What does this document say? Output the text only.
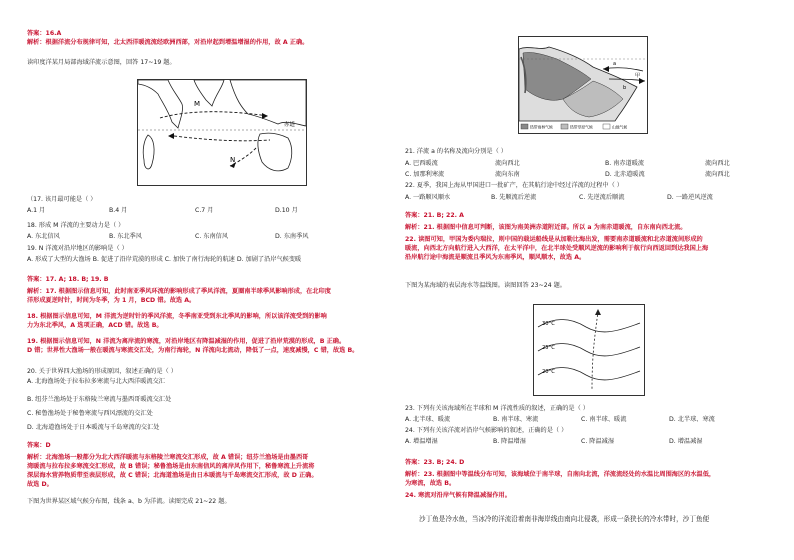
答案：16.A
解析：根据洋流分布规律可知，北太西洋暖流流经欧洲西部，对沿岸起到增温增湿的作用，故 A 正确。
读印度洋某月局部海域洋流示意图，回答 17~19 题。
M
N
赤道
（17. 该月最可能是（ ）
A.1 月	B.4 月	C.7 月	D.10 月
18. 形成 M 洋流的主要动力是（ ）
A. 东北信风	B. 东北季风	C. 东南信风	D. 东南季风
19. N 洋流对沿岸地区的影响是（ ）
A. 形成了大型的大渔场 B. 促进了沿岸荒漠的形成 C. 加快了南行海轮的航速 D. 加剧了沿岸气候变暖
答案：17. A; 18. B; 19. B
解析：17. 根据图示信息可知，此时南亚季风环流的影响形成了季风洋流，夏圈南半球季风影响形成，在北印度
洋形成夏逆时针，时间为冬季，为 1 月，BCD 错。故选 A。
18. 根据图示信息可知，M 洋流为逆时针的季风洋流，冬季南亚受到东北季风的影响，所以该洋流受到的影响
力为东北季风，A 选项正确，ACD 错。故选 B。
19. 根据图示信息可知，N 洋流为离岸流的寒流，对沿岸地区有降温减湿的作用，促进了沿岸荒漠的形成，B 正确。
D 错；世界性大渔场一般在暖流与寒流交汇处，为南行海轮，N 洋流向北流动，降低了一点，速度减慢，C 错，故选 B。
20. 关于世界四大渔场的形成原因，叙述正确的是（ ）
A. 北海渔场处于拉布拉多寒流与北大西洋暖流交汇
B. 纽芬兰渔场处于东格陵兰寒流与墨西哥暖流交汇处
C. 秘鲁渔场处于秘鲁寒流与西风漂流的交汇处
D. 北海道渔场处于日本暖流与千岛寒流的交汇处
答案：D
解析：北海渔场一般都分为北大西洋暖流与东格陵兰寒流交汇形成，故 A 错误；纽芬兰渔场是由墨西哥
湾暖流与拉布拉多寒流交汇形成，故 B 错误；秘鲁渔场是由东南信风的离岸风作用下，秘鲁寒流上升流将
深层海水营养物质带至表层形成，故 C 错误；北海道渔场是由日本暖流与千岛寒流交汇形成，故 D 正确。
故选 D。
下图为世界某区域气候分布图，线条 a、b 为洋流。读图完成 21~22 题。
a
b
甲
热带雨林气候	热带草原气候	山地气候
21. 洋流 a 的名称及流向分别是（ ）
A. 巴西暖流	流向西北	B. 南赤道暖流	流向西北
C. 加那利寒流	流向东南	D. 北赤道暖流	流向西北
22. 夏季，我国上海从甲国进口一批矿产，在其航行途中经过洋流的过程中（ ）
A. 一路顺风顺水	B. 先顺流后逆流	C. 先逆流后顺流	D. 一路逆风逆流
答案：21. B; 22. A
解析：21. 根据图中信息可判断，该图为南美洲赤道附近部。所以 a 为南赤道暖流，自东南向西北流。
22. 读图可知，甲国为委内瑞拉，则中国的载运船线是从加勒比海出发，需要南赤道暖流和北赤道流间形成的
暖流，向西北方向航行进入大西洋，在太平洋中，在北半球处受顺风逆流的影响利于航行向西返回到达我国上海
沿岸航行途中海流是顺流且季风为东南季风，顺风顺水，故选 A。
下图为某海域的表层海水等温线图。读图回答 23~24 题。
30°C
25°C
20°C
23. 下列有关该海域所在半球和 M 洋流性质的叙述，正确的是（ ）
A. 北半球、暖流	B. 南半球、寒流	C. 南半球、暖流	D. 北半球、寒流
24. 下列有关该洋流对沿岸气候影响的叙述，正确的是（ ）
A. 增温增湿	B. 降温增湿	C. 降温减湿	D. 增温减湿
答案：23. B; 24. D
解析：23. 根据图中等温线分布可知，该海域位于南半球，自南向北流，洋流流经处的水温比周围海区的水温低，
为寒流，故选 B。
24. 寒流对沿岸气候有降温减湿作用。
沙丁鱼是冷水鱼，当冰冷的洋流沿着南非海岸线由南向北侵袭，形成一条狭长的冷水带时，沙丁鱼便
